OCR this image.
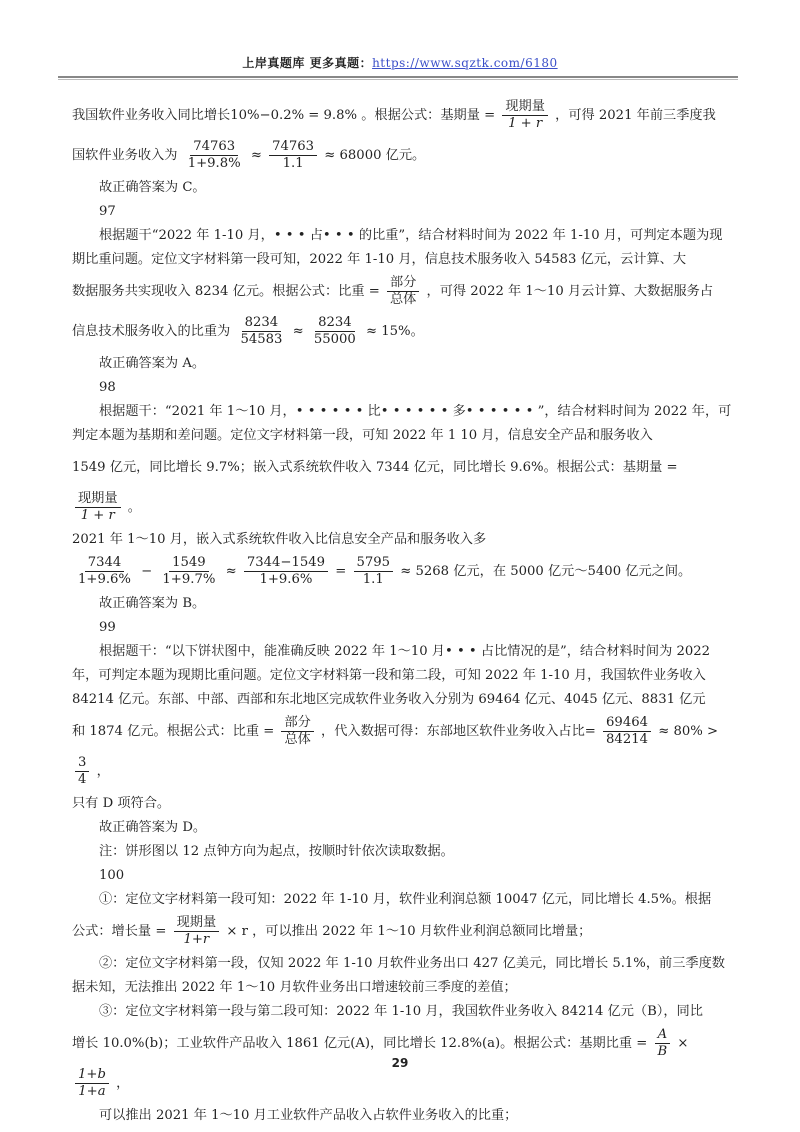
上岸真题库 更多真题：https://www.sqztk.com/6180

我国软件业务收入同比增长10%−0.2% = 9.8% 。根据公式：基期量 = $\frac{\text{现期量}}{1 + r}$ ，可得 2021 年前三季度我

国软件业务收入为 $\frac{74763}{1+9.8\%} \approx \frac{74763}{1.1} \approx 68000$ 亿元。

故正确答案为 C。

97

根据题干“2022 年 1-10 月，• • • 占• • • 的比重”，结合材料时间为 2022 年 1-10 月，可判定本题为现期比重问题。定位文字材料第一段可知，2022 年 1-10 月，信息技术服务收入 54583 亿元，云计算、大

数据服务共实现收入 8234 亿元。根据公式：比重 = $\frac{\text{部分}}{\text{总体}}$ ，可得 2022 年 1～10 月云计算、大数据服务占

信息技术服务收入的比重为 $\frac{8234}{54583} \approx \frac{8234}{55000} \approx 15\%$。

故正确答案为 A。

98

根据题干：“2021 年 1～10 月，• • • • • • 比• • • • • • 多• • • • • • ”，结合材料时间为 2022 年，可判定本题为基期和差问题。定位文字材料第一段，可知 2022 年 1 10 月，信息安全产品和服务收入

1549 亿元，同比增长 9.7%；嵌入式系统软件收入 7344 亿元，同比增长 9.6%。根据公式：基期量 =
$\frac{\text{现期量}}{1 + r}$ 。

2021 年 1～10 月，嵌入式系统软件收入比信息安全产品和服务收入多

$\frac{7344}{1+9.6\%} - \frac{1549}{1+9.7\%} \approx \frac{7344-1549}{1+9.6\%} = \frac{5795}{1.1} \approx 5268$ 亿元，在 5000 亿元～5400 亿元之间。

故正确答案为 B。

99

根据题干：“以下饼状图中，能准确反映 2022 年 1～10 月• • • 占比情况的是”，结合材料时间为 2022 年，可判定本题为现期比重问题。定位文字材料第一段和第二段，可知 2022 年 1-10 月，我国软件业务收入 84214 亿元。东部、中部、西部和东北地区完成软件业务收入分别为 69464 亿元、4045 亿元、8831 亿元

和 1874 亿元。根据公式：比重 = $\frac{\text{部分}}{\text{总体}}$ ，代入数据可得：东部地区软件业务收入占比= $\frac{69464}{84214} \approx 80\%$ >
$\frac{3}{4}$ ，

只有 D 项符合。

故正确答案为 D。

注：饼形图以 12 点钟方向为起点，按顺时针依次读取数据。

100

①：定位文字材料第一段可知：2022 年 1-10 月，软件业利润总额 10047 亿元，同比增长 4.5%。根据

公式：增长量 = $\frac{\text{现期量}}{1+r} \times r$ ，可以推出 2022 年 1～10 月软件业利润总额同比增量；

②：定位文字材料第一段，仅知 2022 年 1-10 月软件业务出口 427 亿美元，同比增长 5.1%，前三季度数据未知，无法推出 2022 年 1～10 月软件业务出口增速较前三季度的差值；

③：定位文字材料第一段与第二段可知：2022 年 1-10 月，我国软件业务收入 84214 亿元（B），同比

增长 10.0%(b)；工业软件产品收入 1861 亿元(A)，同比增长 12.8%(a)。根据公式：基期比重 = $\frac{A}{B}$ ×
$\frac{1+b}{1+a}$ ，

可以推出 2021 年 1～10 月工业软件产品收入占软件业务收入的比重；

29
